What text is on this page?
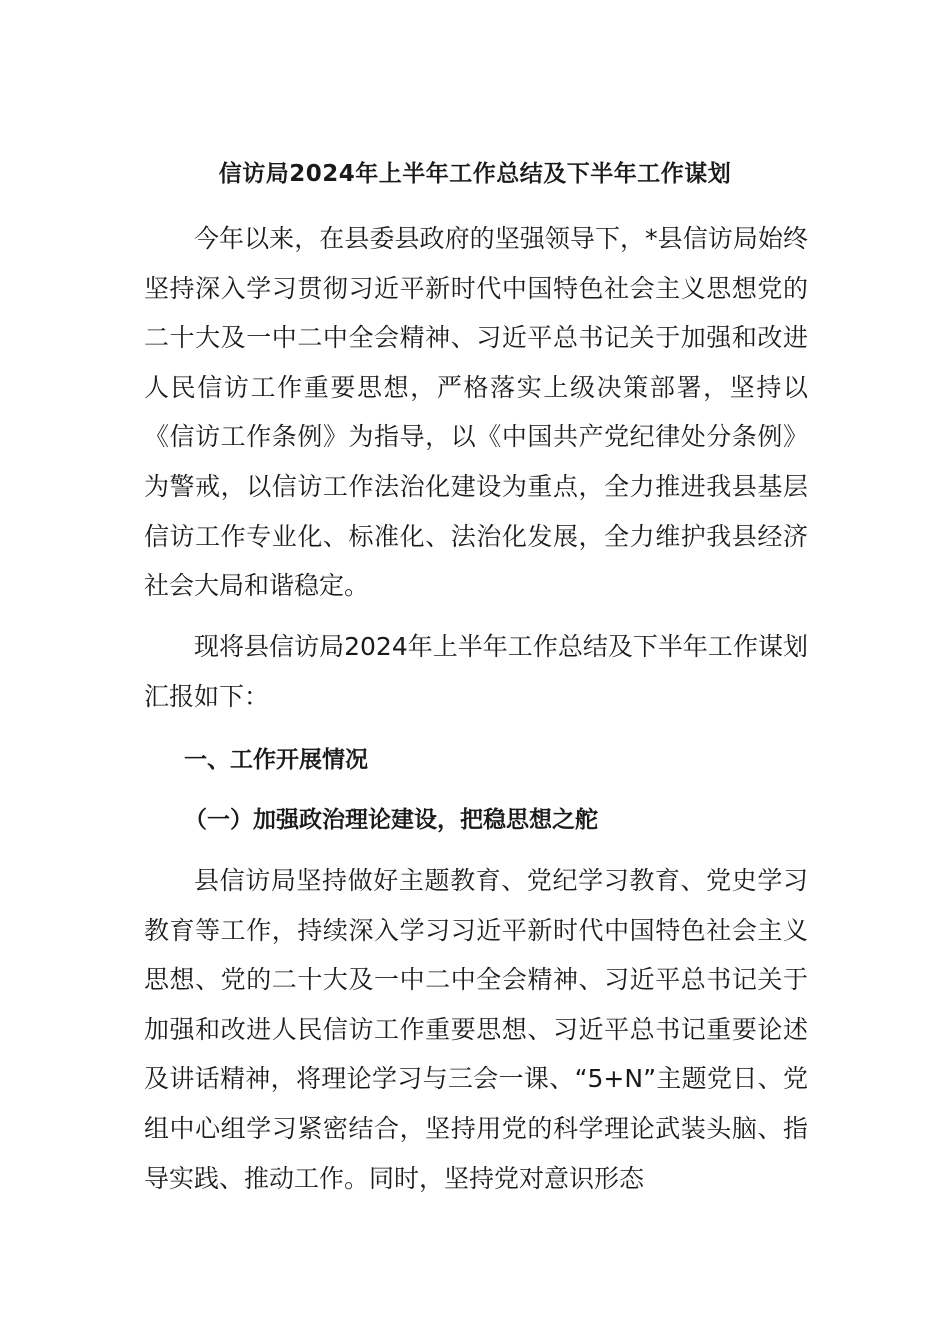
信访局2024年上半年工作总结及下半年工作谋划

今年以来，在县委县政府的坚强领导下，*县信访局始终坚持深入学习贯彻习近平新时代中国特色社会主义思想党的二十大及一中二中全会精神、习近平总书记关于加强和改进人民信访工作重要思想，严格落实上级决策部署，坚持以《信访工作条例》为指导，以《中国共产党纪律处分条例》为警戒，以信访工作法治化建设为重点，全力推进我县基层信访工作专业化、标准化、法治化发展，全力维护我县经济社会大局和谐稳定。

现将县信访局2024年上半年工作总结及下半年工作谋划汇报如下：

一、工作开展情况
（一）加强政治理论建设，把稳思想之舵

县信访局坚持做好主题教育、党纪学习教育、党史学习教育等工作，持续深入学习习近平新时代中国特色社会主义思想、党的二十大及一中二中全会精神、习近平总书记关于加强和改进人民信访工作重要思想、习近平总书记重要论述及讲话精神，将理论学习与三会一课、“5+N”主题党日、党组中心组学习紧密结合，坚持用党的科学理论武装头脑、指导实践、推动工作。同时，坚持党对意识形态
